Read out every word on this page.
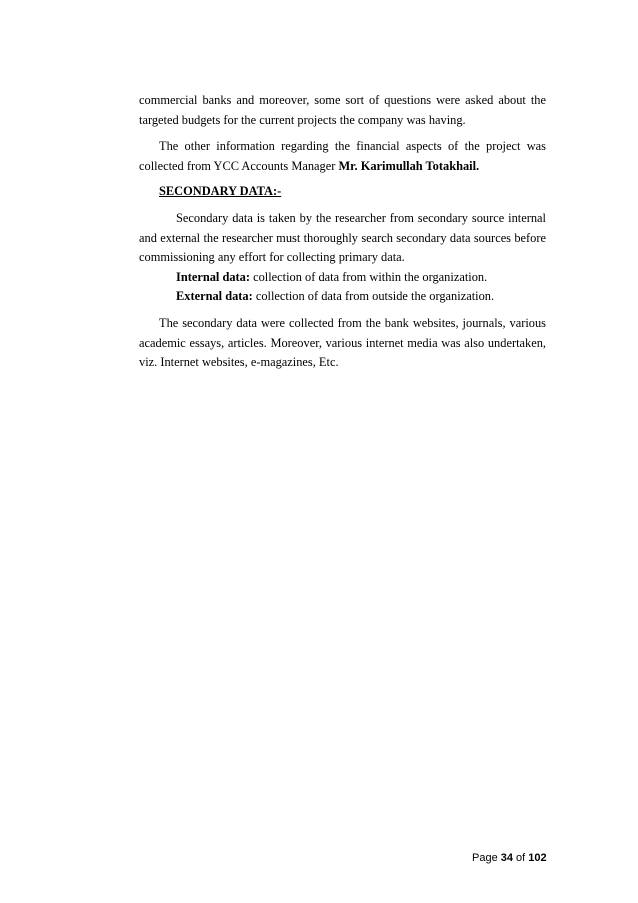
commercial banks and moreover, some sort of questions were asked about the targeted budgets for the current projects the company was having.

The other information regarding the financial aspects of the project was collected from YCC Accounts Manager Mr. Karimullah Totakhail.

SECONDARY DATA:-

Secondary data is taken by the researcher from secondary source internal and external the researcher must thoroughly search secondary data sources before commissioning any effort for collecting primary data.

Internal data: collection of data from within the organization.

External data: collection of data from outside the organization.

The secondary data were collected from the bank websites, journals, various academic essays, articles. Moreover, various internet media was also undertaken, viz. Internet websites, e-magazines, Etc.

Page 34 of 102
